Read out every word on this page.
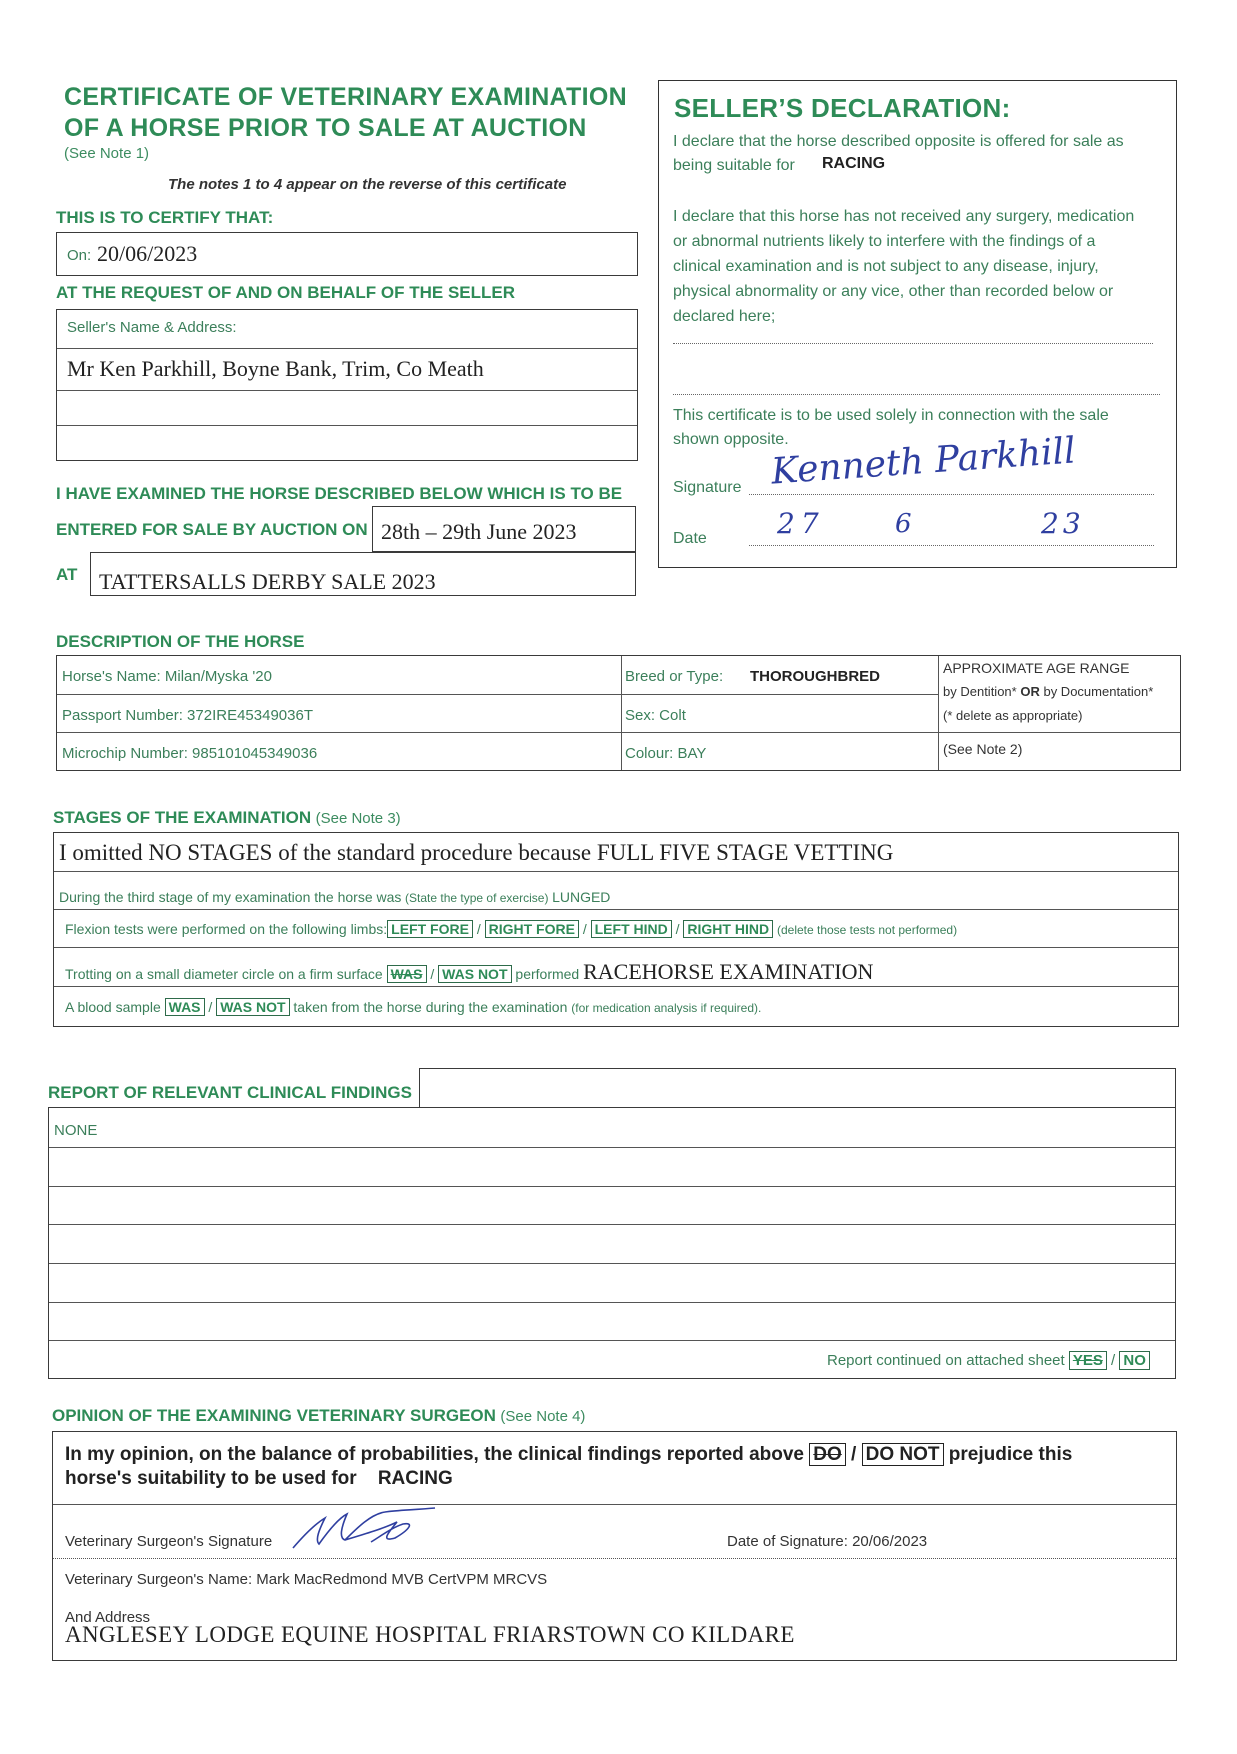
CERTIFICATE OF VETERINARY EXAMINATION
OF A HORSE PRIOR TO SALE AT AUCTION
(See Note 1)
The notes 1 to 4 appear on the reverse of this certificate
THIS IS TO CERTIFY THAT:
On: 20/06/2023
AT THE REQUEST OF AND ON BEHALF OF THE SELLER
Seller's Name & Address:
Mr Ken Parkhill, Boyne Bank, Trim, Co Meath
I HAVE EXAMINED THE HORSE DESCRIBED BELOW WHICH IS TO BE
ENTERED FOR SALE BY AUCTION ON 28th – 29th June 2023
AT TATTERSALLS DERBY SALE 2023
SELLER’S DECLARATION:
I declare that the horse described opposite is offered for sale as
being suitable for RACING
I declare that this horse has not received any surgery, medication
or abnormal nutrients likely to interfere with the findings of a
clinical examination and is not subject to any disease, injury,
physical abnormality or any vice, other than recorded below or
declared here;
This certificate is to be used solely in connection with the sale
shown opposite.
Signature Kenneth Parkhill
Date	27	6	23
DESCRIPTION OF THE HORSE
Horse's Name: Milan/Myska '20
Passport Number: 372IRE45349036T
Microchip Number: 985101045349036
Breed or Type: THOROUGHBRED
Sex: Colt
Colour: BAY
APPROXIMATE AGE RANGE
by Dentition* OR by Documentation*
(* delete as appropriate)
(See Note 2)
STAGES OF THE EXAMINATION (See Note 3)
I omitted NO STAGES of the standard procedure because FULL FIVE STAGE VETTING
During the third stage of my examination the horse was (State the type of exercise) LUNGED
Flexion tests were performed on the following limbs: LEFT FORE / RIGHT FORE / LEFT HIND / RIGHT HIND (delete those tests not performed)
Trotting on a small diameter circle on a firm surface WAS / WAS NOT performed RACEHORSE EXAMINATION
A blood sample WAS / WAS NOT taken from the horse during the examination (for medication analysis if required).
REPORT OF RELEVANT CLINICAL FINDINGS
NONE
Report continued on attached sheet YES / NO
OPINION OF THE EXAMINING VETERINARY SURGEON (See Note 4)
In my opinion, on the balance of probabilities, the clinical findings reported above DO / DO NOT prejudice this
horse's suitability to be used for RACING
Veterinary Surgeon's Signature	Date of Signature: 20/06/2023
Veterinary Surgeon's Name: Mark MacRedmond MVB CertVPM MRCVS
And Address
ANGLESEY LODGE EQUINE HOSPITAL FRIARSTOWN CO KILDARE
